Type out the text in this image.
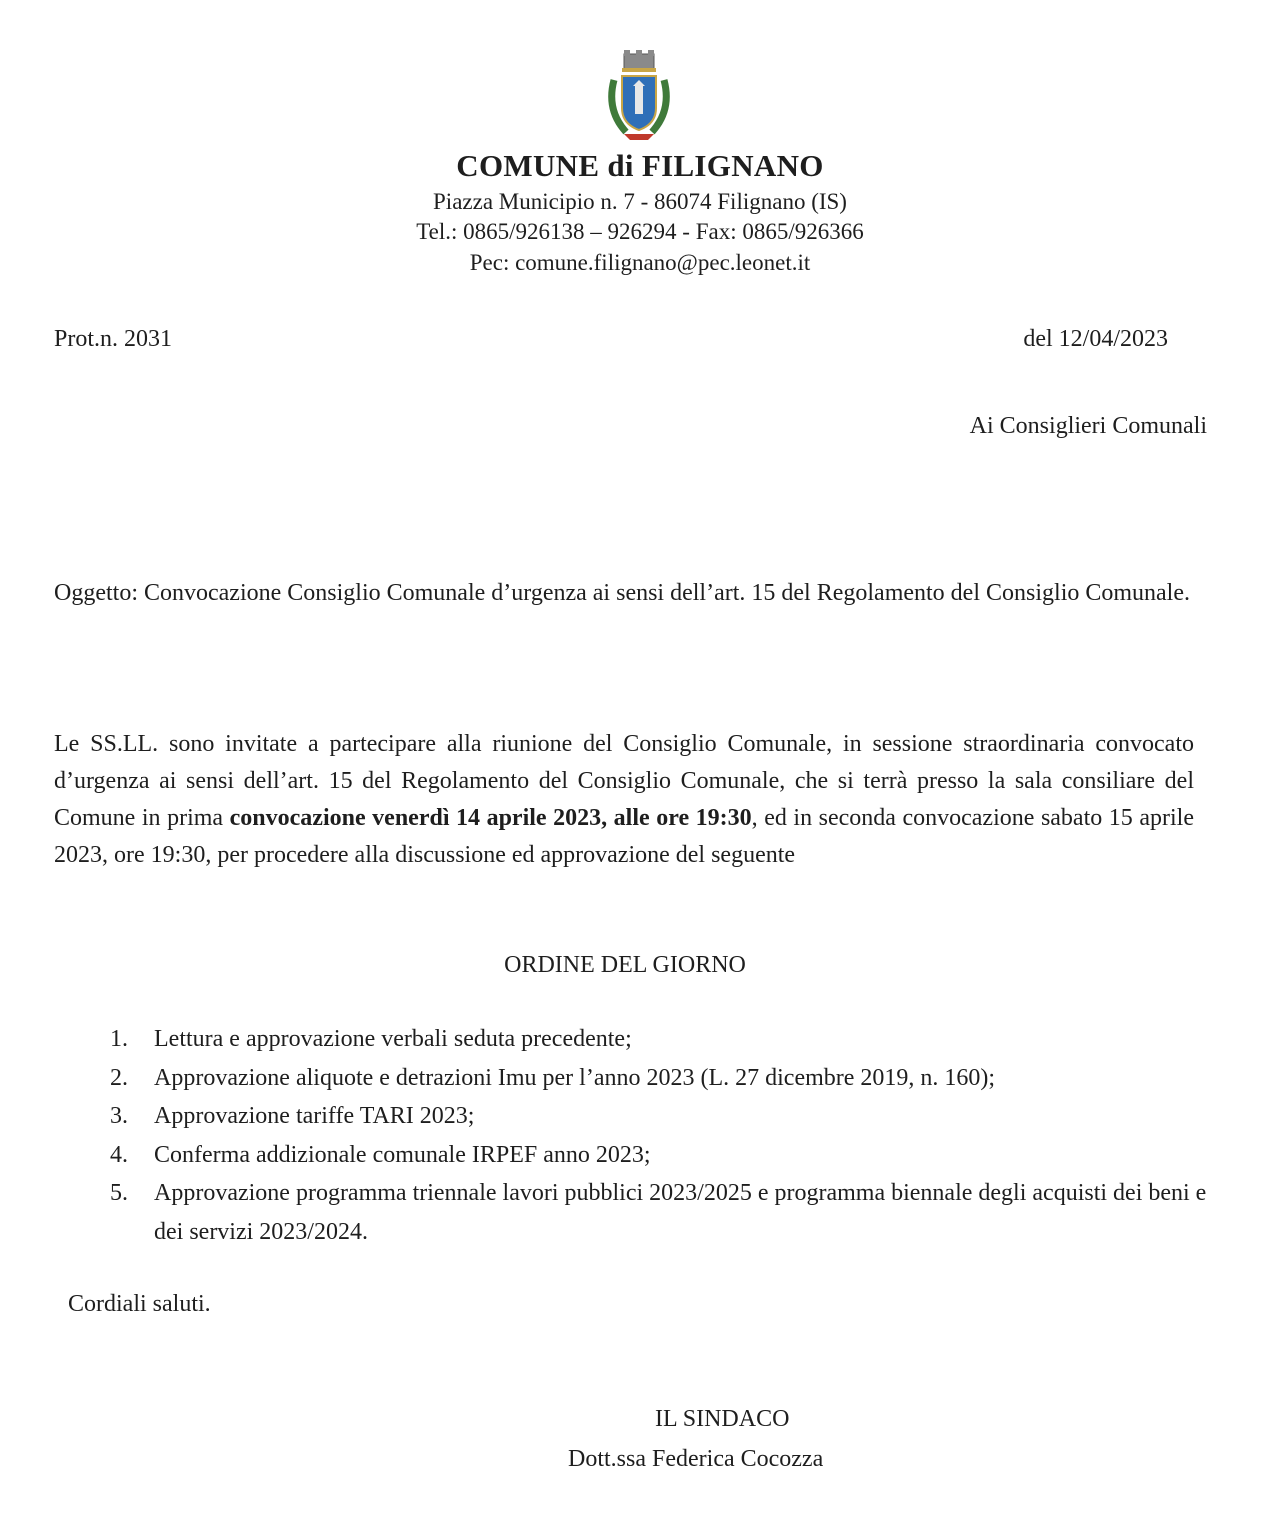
COMUNE di FILIGNANO
Piazza Municipio n. 7 - 86074 Filignano (IS)
Tel.: 0865/926138 – 926294 - Fax: 0865/926366
Pec: comune.filignano@pec.leonet.it
Prot.n. 2031	del 12/04/2023
Ai Consiglieri Comunali

Oggetto: Convocazione Consiglio Comunale d’urgenza ai sensi dell’art. 15 del Regolamento del Consiglio Comunale.

Le SS.LL. sono invitate a partecipare alla riunione del Consiglio Comunale, in sessione straordinaria convocato d’urgenza ai sensi dell’art. 15 del Regolamento del Consiglio Comunale, che si terrà presso la sala consiliare del Comune in prima convocazione venerdì 14 aprile 2023, alle ore 19:30, ed in seconda convocazione sabato 15 aprile 2023, ore 19:30, per procedere alla discussione ed approvazione del seguente

ORDINE DEL GIORNO
1.	Lettura e approvazione verbali seduta precedente;
2.	Approvazione aliquote e detrazioni Imu per l’anno 2023 (L. 27 dicembre 2019, n. 160);
3.	Approvazione tariffe TARI 2023;
4.	Conferma addizionale comunale IRPEF anno 2023;
5.	Approvazione programma triennale lavori pubblici 2023/2025 e programma biennale degli acquisti dei beni e dei servizi 2023/2024.
Cordiali saluti.
IL SINDACO
Dott.ssa Federica Cocozza
